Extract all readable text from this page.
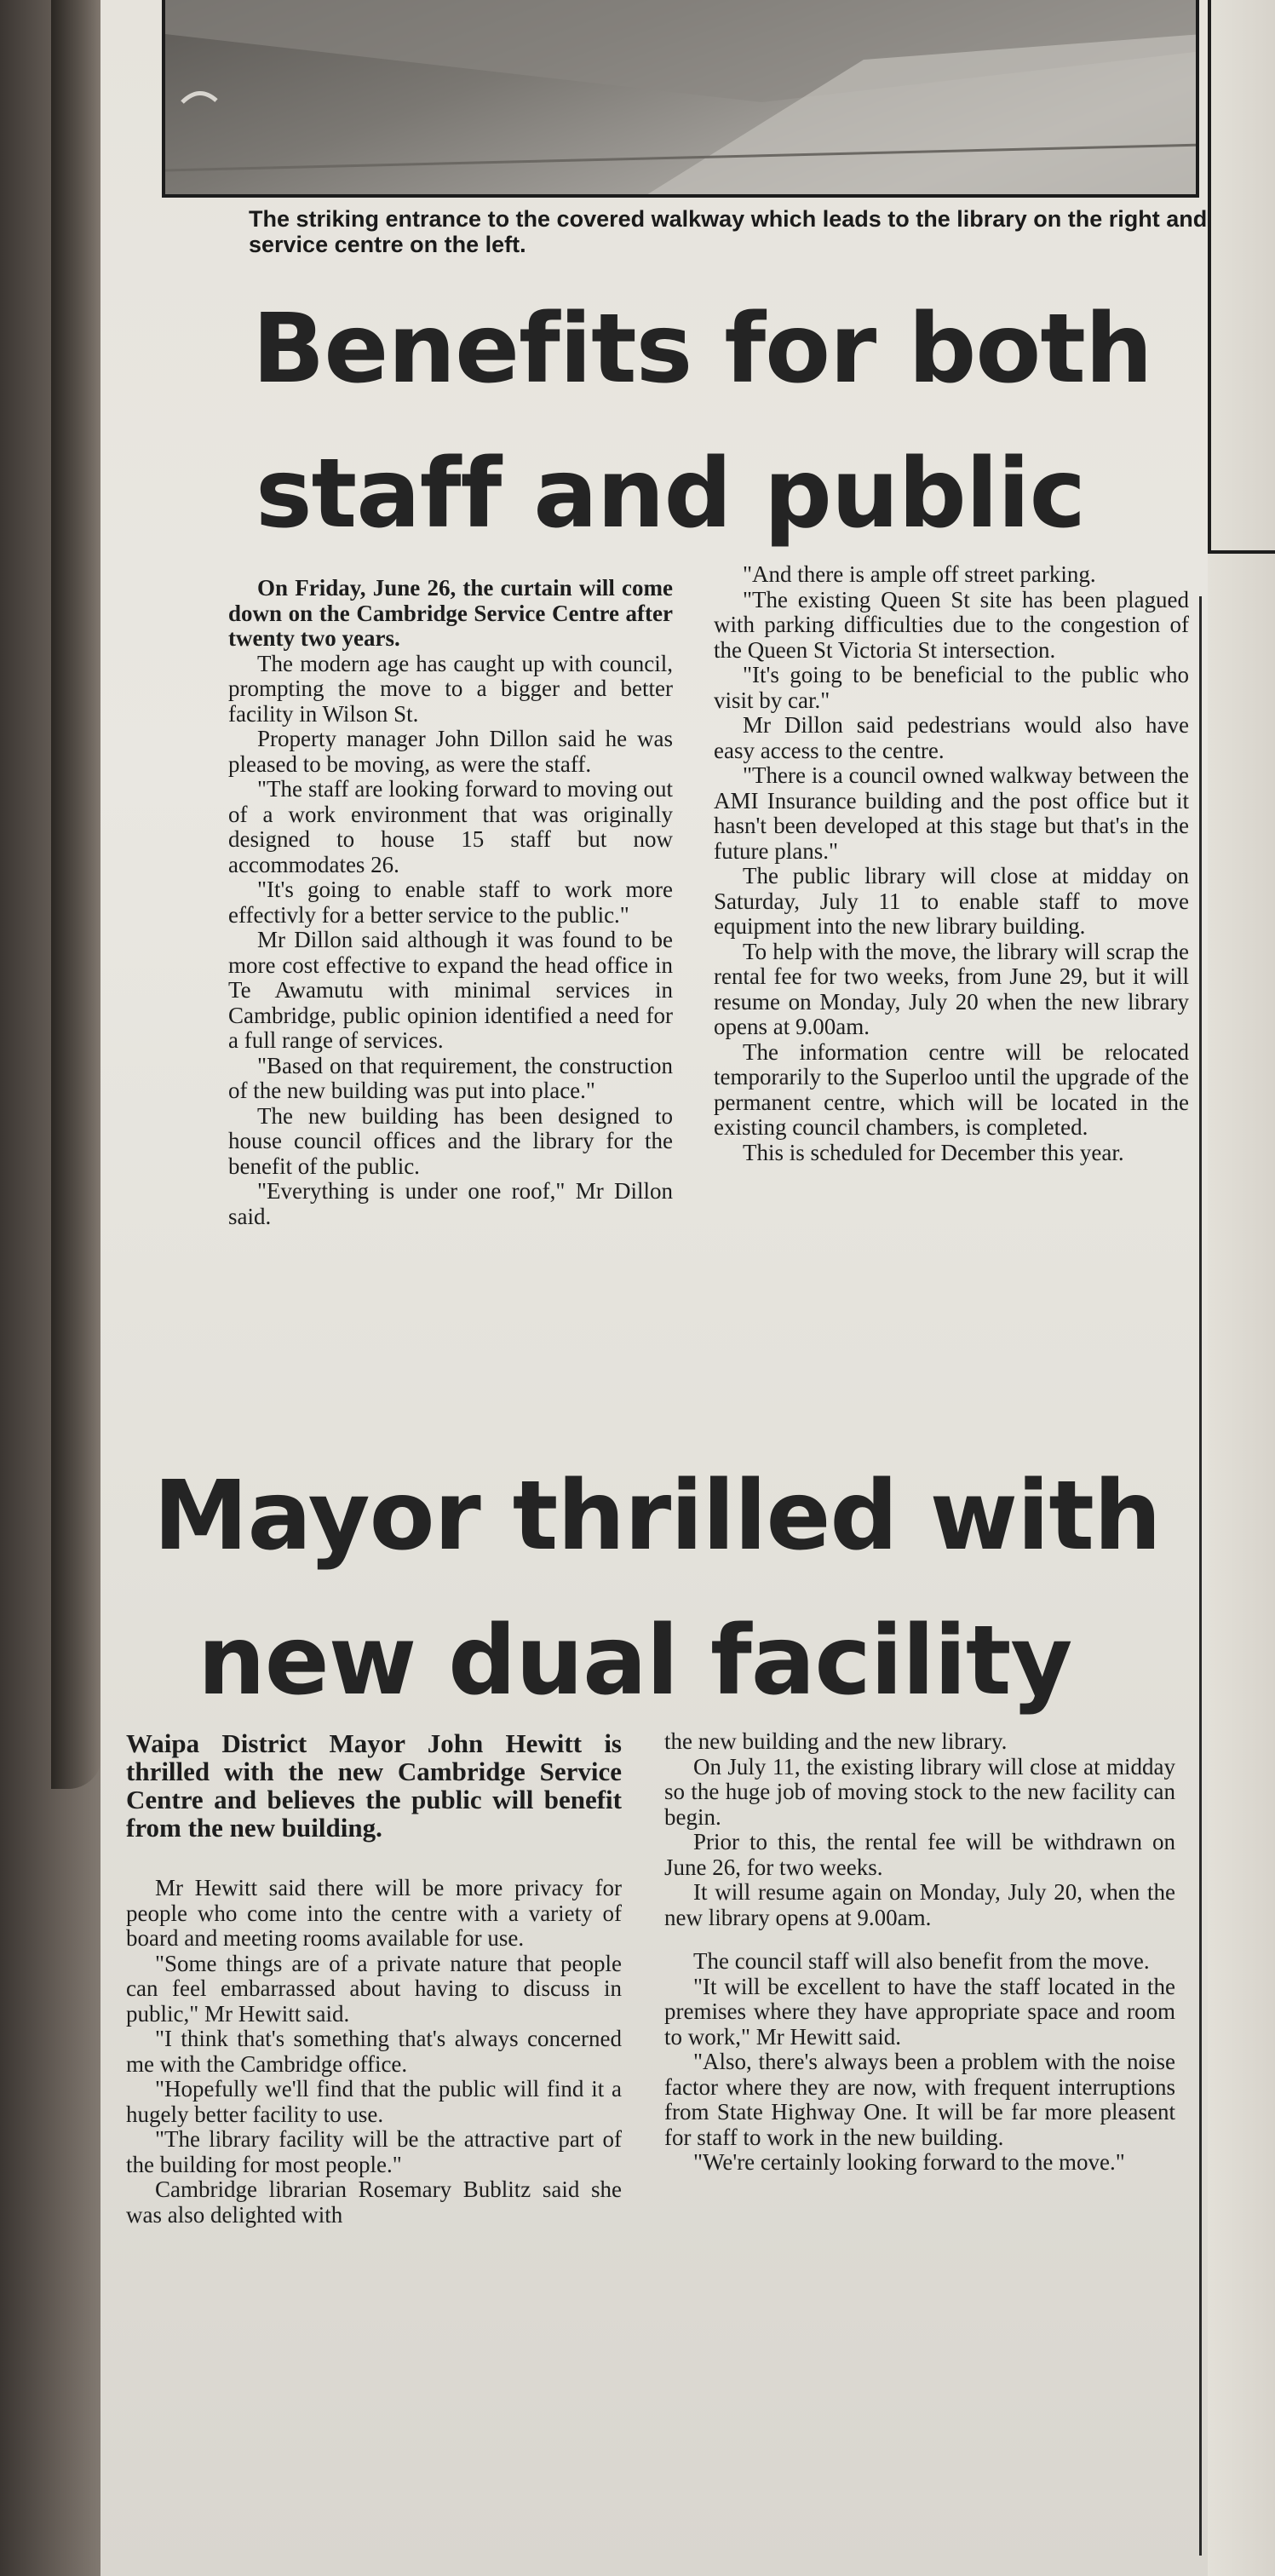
The striking entrance to the covered walkway which leads to the library on the right and service centre on the left.

Benefits for both
staff and public

On Friday, June 26, the curtain will come down on the Cambridge Service Centre after twenty two years.

The modern age has caught up with council, prompting the move to a bigger and better facility in Wilson St.

Property manager John Dillon said he was pleased to be moving, as were the staff.

"The staff are looking forward to moving out of a work environment that was originally designed to house 15 staff but now accommodates 26.

"It's going to enable staff to work more effectivly for a better service to the public."

Mr Dillon said although it was found to be more cost effective to expand the head office in Te Awamutu with minimal services in Cambridge, public opinion identified a need for a full range of services.

"Based on that requirement, the construction of the new building was put into place."

The new building has been designed to house council offices and the library for the benefit of the public.

"Everything is under one roof," Mr Dillon said.

"And there is ample off street parking.

"The existing Queen St site has been plagued with parking difficulties due to the congestion of the Queen St Victoria St intersection.

"It's going to be beneficial to the public who visit by car."

Mr Dillon said pedestrians would also have easy access to the centre.

"There is a council owned walkway between the AMI Insurance building and the post office but it hasn't been developed at this stage but that's in the future plans."

The public library will close at midday on Saturday, July 11 to enable staff to move equipment into the new library building.

To help with the move, the library will scrap the rental fee for two weeks, from June 29, but it will resume on Monday, July 20 when the new library opens at 9.00am.

The information centre will be relocated temporarily to the Superloo until the upgrade of the permanent centre, which will be located in the existing council chambers, is completed.

This is scheduled for December this year.

Mayor thrilled with
new dual facility

Waipa District Mayor John Hewitt is thrilled with the new Cambridge Service Centre and believes the public will benefit from the new building.

Mr Hewitt said there will be more privacy for people who come into the centre with a variety of board and meeting rooms available for use.

"Some things are of a private nature that people can feel embarrassed about having to discuss in public," Mr Hewitt said.

"I think that's something that's always concerned me with the Cambridge office.

"Hopefully we'll find that the public will find it a hugely better facility to use.

"The library facility will be the attractive part of the building for most people."

Cambridge librarian Rosemary Bublitz said she was also delighted with

the new building and the new library.

On July 11, the existing library will close at midday so the huge job of moving stock to the new facility can begin.

Prior to this, the rental fee will be withdrawn on June 26, for two weeks.

It will resume again on Monday, July 20, when the new library opens at 9.00am.

The council staff will also benefit from the move.

"It will be excellent to have the staff located in the premises where they have appropriate space and room to work," Mr Hewitt said.

"Also, there's always been a problem with the noise factor where they are now, with frequent interruptions from State Highway One. It will be far more pleasent for staff to work in the new building.

"We're certainly looking forward to the move."
